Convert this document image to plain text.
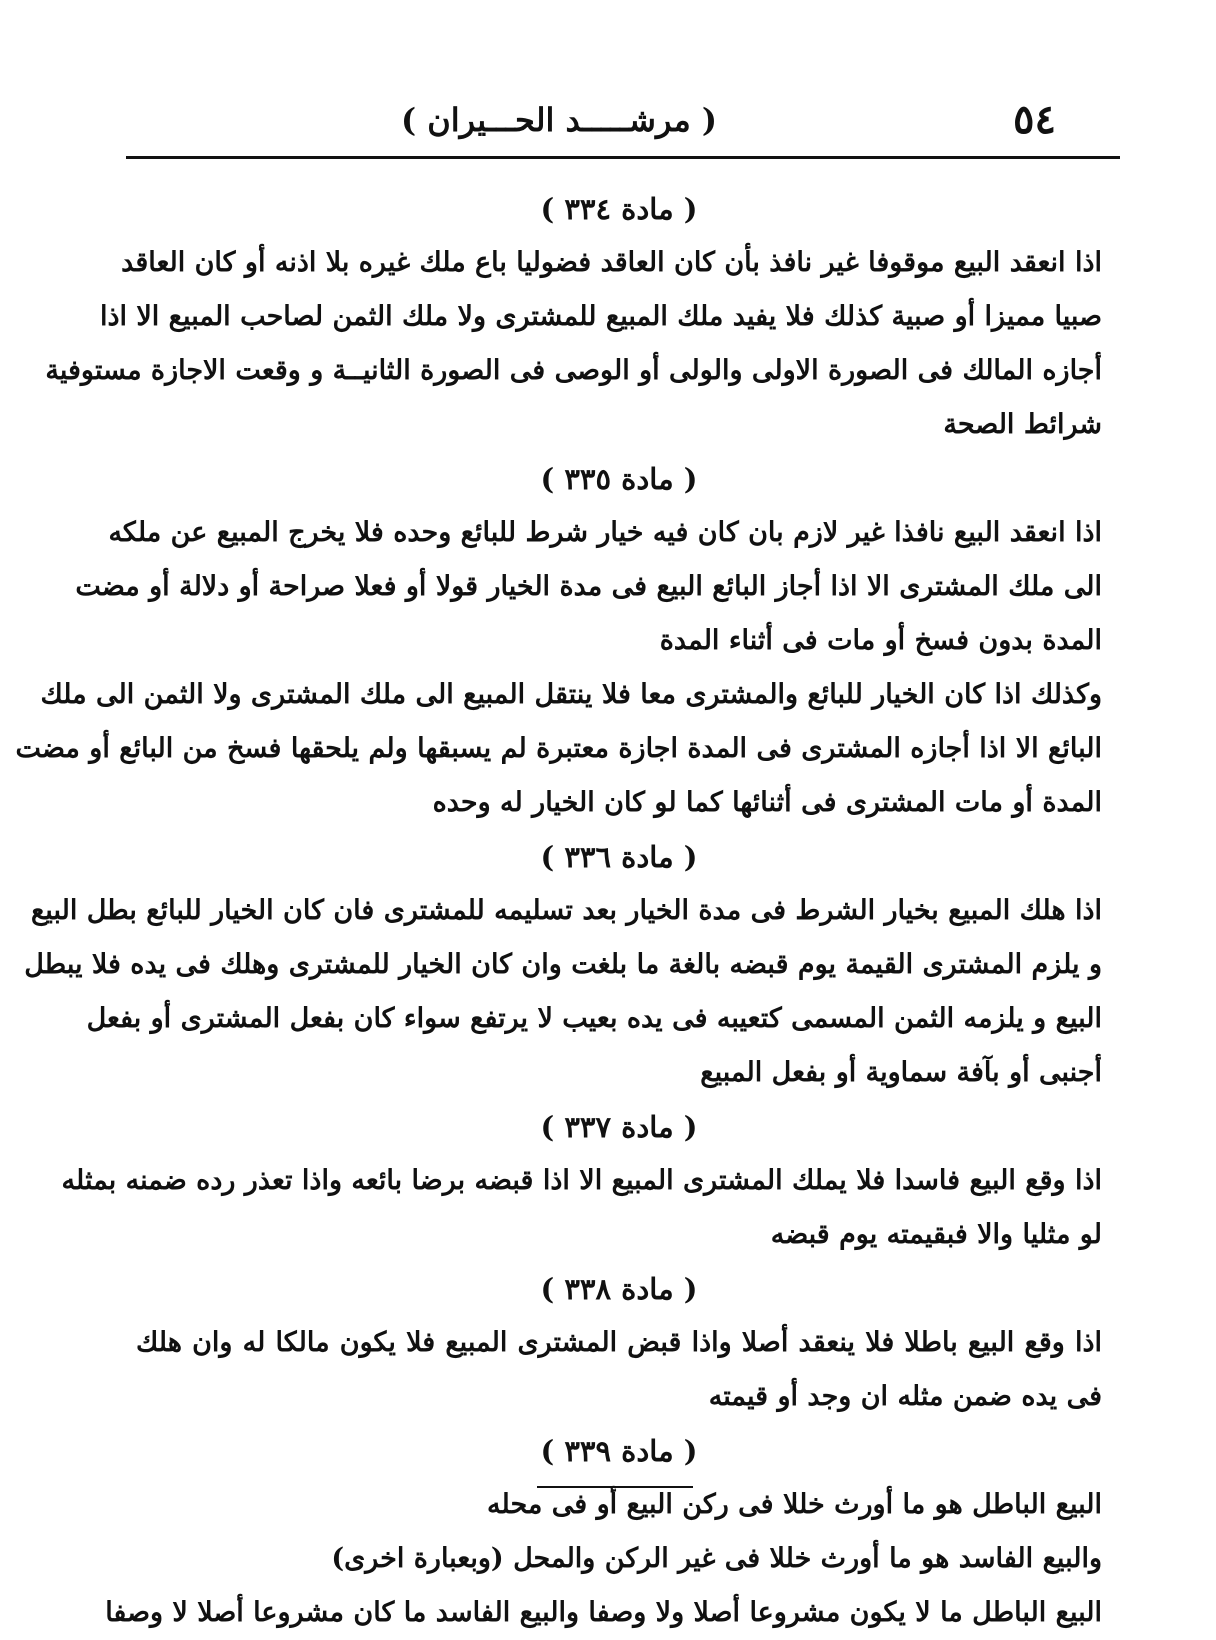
٥٤
( مرشـــــد الحـــيران )
( مادة ٣٣٤ )
اذا انعقد البيع موقوفا غير نافذ بأن كان العاقد فضوليا باع ملك غيره بلا اذنه أو كان العاقد
صبيا مميزا أو صبية كذلك فلا يفيد ملك المبيع للمشترى ولا ملك الثمن لصاحب المبيع الا اذا
أجازه المالك فى الصورة الاولى والولى أو الوصى فى الصورة الثانيــة و وقعت الاجازة مستوفية
شرائط الصحة
( مادة ٣٣٥ )
اذا انعقد البيع نافذا غير لازم بان كان فيه خيار شرط للبائع وحده فلا يخرج المبيع عن ملكه
الى ملك المشترى الا اذا أجاز البائع البيع فى مدة الخيار قولا أو فعلا صراحة أو دلالة أو مضت
المدة بدون فسخ أو مات فى أثناء المدة
وكذلك اذا كان الخيار للبائع والمشترى معا فلا ينتقل المبيع الى ملك المشترى ولا الثمن الى ملك
البائع الا اذا أجازه المشترى فى المدة اجازة معتبرة لم يسبقها ولم يلحقها فسخ من البائع أو مضت
المدة أو مات المشترى فى أثنائها كما لو كان الخيار له وحده
( مادة ٣٣٦ )
اذا هلك المبيع بخيار الشرط فى مدة الخيار بعد تسليمه للمشترى فان كان الخيار للبائع بطل البيع
و يلزم المشترى القيمة يوم قبضه بالغة ما بلغت وان كان الخيار للمشترى وهلك فى يده فلا يبطل
البيع و يلزمه الثمن المسمى كتعيبه فى يده بعيب لا يرتفع سواء كان بفعل المشترى أو بفعل
أجنبى أو بآفة سماوية أو بفعل المبيع
( مادة ٣٣٧ )
اذا وقع البيع فاسدا فلا يملك المشترى المبيع الا اذا قبضه برضا بائعه واذا تعذر رده ضمنه بمثله
لو مثليا والا فبقيمته يوم قبضه
( مادة ٣٣٨ )
اذا وقع البيع باطلا فلا ينعقد أصلا واذا قبض المشترى المبيع فلا يكون مالكا له وان هلك
فى يده ضمن مثله ان وجد أو قيمته
( مادة ٣٣٩ )
البيع الباطل هو ما أورث خللا فى ركن البيع أو فى محله
والبيع الفاسد هو ما أورث خللا فى غير الركن والمحل (وبعبارة اخرى)
البيع الباطل ما لا يكون مشروعا أصلا ولا وصفا والبيع الفاسد ما كان مشروعا أصلا لا وصفا
